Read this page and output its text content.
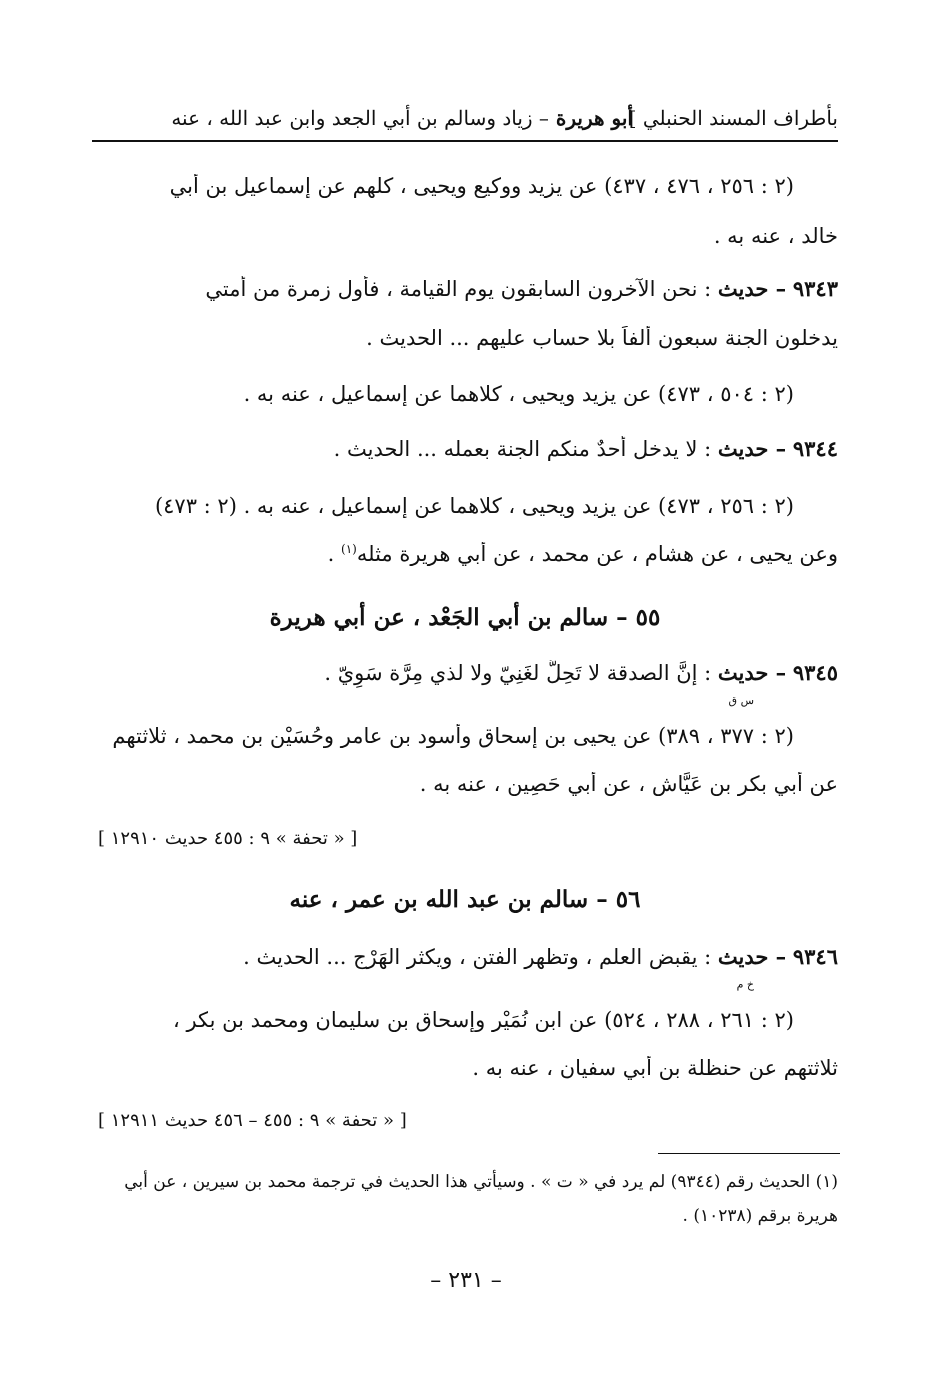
بأطراف المسند الحنبلي ]
أبو هريرة – زياد وسالم بن أبي الجعد وابن عبد الله ، عنه
(٢ : ٢٥٦ ، ٤٧٦ ، ٤٣٧) عن يزيد ووكيع ويحيى ، كلهم عن إسماعيل بن أبي
خالد ، عنه به .
٩٣٤٣ – حديث : نحن الآخرون السابقون يوم القيامة ، فأول زمرة من أمتي
يدخلون الجنة سبعون ألفاً بلا حساب عليهم ... الحديث .
(٢ : ٥٠٤ ، ٤٧٣) عن يزيد ويحيى ، كلاهما عن إسماعيل ، عنه به .
٩٣٤٤ – حديث : لا يدخل أحدٌ منكم الجنة بعمله ... الحديث .
(٢ : ٢٥٦ ، ٤٧٣) عن يزيد ويحيى ، كلاهما عن إسماعيل ، عنه به . (٢ : ٤٧٣)
وعن يحيى ، عن هشام ، عن محمد ، عن أبي هريرة مثله$^{(١)}$ .
٥٥ – سالم بن أبي الجَعْد ، عن أبي هريرة
٩٣٤٥ – حديث : إنَّ الصدقة لا تَحِلُّ لغَنِيّ ولا لذي مِرَّة سَوِيّ .
س ق
(٢ : ٣٧٧ ، ٣٨٩) عن يحيى بن إسحاق وأسود بن عامر وحُسَيْن بن محمد ، ثلاثتهم
عن أبي بكر بن عَيَّاش ، عن أبي حَصِين ، عنه به .
[ « تحفة » ٩ : ٤٥٥ حديث ١٢٩١٠ ]
٥٦ – سالم بن عبد الله بن عمر ، عنه
٩٣٤٦ – حديث : يقبض العلم ، وتظهر الفتن ، ويكثر الهَرْج ... الحديث .
خ م
(٢ : ٢٦١ ، ٢٨٨ ، ٥٢٤) عن ابن نُمَيْر وإسحاق بن سليمان ومحمد بن بكر ،
ثلاثتهم عن حنظلة بن أبي سفيان ، عنه به .
[ « تحفة » ٩ : ٤٥٥ – ٤٥٦ حديث ١٢٩١١ ]
(١) الحديث رقم (٩٣٤٤) لم يرد في « ت » . وسيأتي هذا الحديث في ترجمة محمد بن سيرين ، عن أبي
هريرة برقم (١٠٢٣٨) .
– ٢٣١ –
